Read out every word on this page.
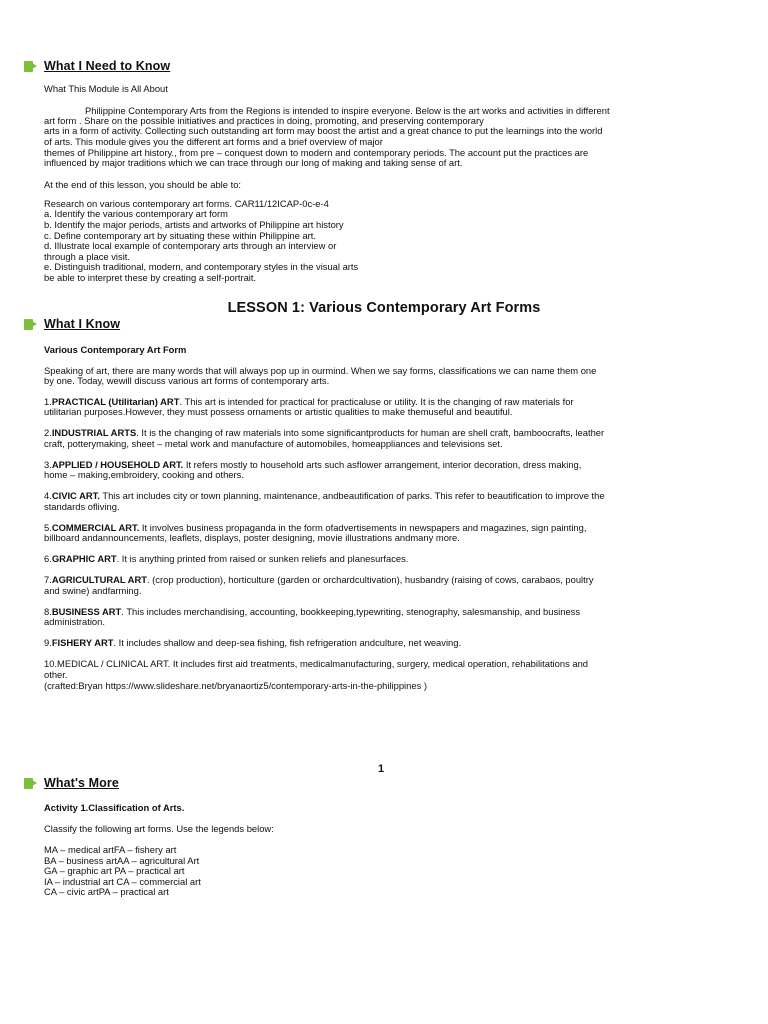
What I Need to Know
What This Module is All About
Philippine Contemporary Arts from the Regions is intended to inspire everyone. Below is the art works and activities in different
art form . Share on the possible initiatives and practices in doing, promoting, and preserving contemporary
arts in a form of activity. Collecting such outstanding art form may boost the artist and a great chance to put the learnings into the world
of arts. This module gives you the different art forms and a brief overview of major
themes of Philippine art history., from pre – conquest down to modern and contemporary periods. The account put the practices are
influenced by major traditions which we can trace through our long of making and taking sense of art.
At the end of this lesson, you should be able to:
Research on various contemporary art forms. CAR11/12ICAP-0c-e-4
a. Identify the various contemporary art form
b. Identify the major periods, artists and artworks of Philippine art history
c. Define contemporary art by situating these within Philippine art.
d. Illustrate local example of contemporary arts through an interview or
through a place visit.
e. Distinguish traditional, modern, and contemporary styles in the visual arts
be able to interpret these by creating a self-portrait.
LESSON 1: Various Contemporary Art Forms
What I Know
Various Contemporary Art Form
Speaking of art, there are many words that will always pop up in ourmind. When we say forms, classifications we can name them one
by one. Today, wewill discuss various art forms of contemporary arts.
1.PRACTICAL (Utilitarian) ART. This art is intended for practical for practicaluse or utility. It is the changing of raw materials for
utilitarian purposes.However, they must possess ornaments or artistic qualities to make themuseful and beautiful.
2.INDUSTRIAL ARTS. It is the changing of raw materials into some significantproducts for human are shell craft, bamboocrafts, leather
craft, potterymaking, sheet – metal work and manufacture of automobiles, homeappliances and televisions set.
3.APPLIED / HOUSEHOLD ART. It refers mostly to household arts such asflower arrangement, interior decoration, dress making,
home – making,embroidery, cooking and others.
4.CIVIC ART. This art includes city or town planning, maintenance, andbeautification of parks. This refer to beautification to improve the
standards ofliving.
5.COMMERCIAL ART. It involves business propaganda in the form ofadvertisements in newspapers and magazines, sign painting,
billboard andannouncements, leaflets, displays, poster designing, movie illustrations andmany more.
6.GRAPHIC ART. It is anything printed from raised or sunken reliefs and planesurfaces.
7.AGRICULTURAL ART. (crop production), horticulture (garden or orchardcultivation), husbandry (raising of cows, carabaos, poultry
and swine) andfarming.
8.BUSINESS ART. This includes merchandising, accounting, bookkeeping,typewriting, stenography, salesmanship, and business
administration.
9.FISHERY ART. It includes shallow and deep-sea fishing, fish refrigeration andculture, net weaving.
10.MEDICAL / CLINICAL ART. It includes first aid treatments, medicalmanufacturing, surgery, medical operation, rehabilitations and
other.
(crafted:Bryan https://www.slideshare.net/bryanaortiz5/contemporary-arts-in-the-philippines )
1
What's More
Activity 1.Classification of Arts.
Classify the following art forms. Use the legends below:
MA – medical artFA – fishery art
BA – business artAA – agricultural Art
GA – graphic art PA – practical art
IA – industrial art CA – commercial art
CA – civic artPA – practical art
